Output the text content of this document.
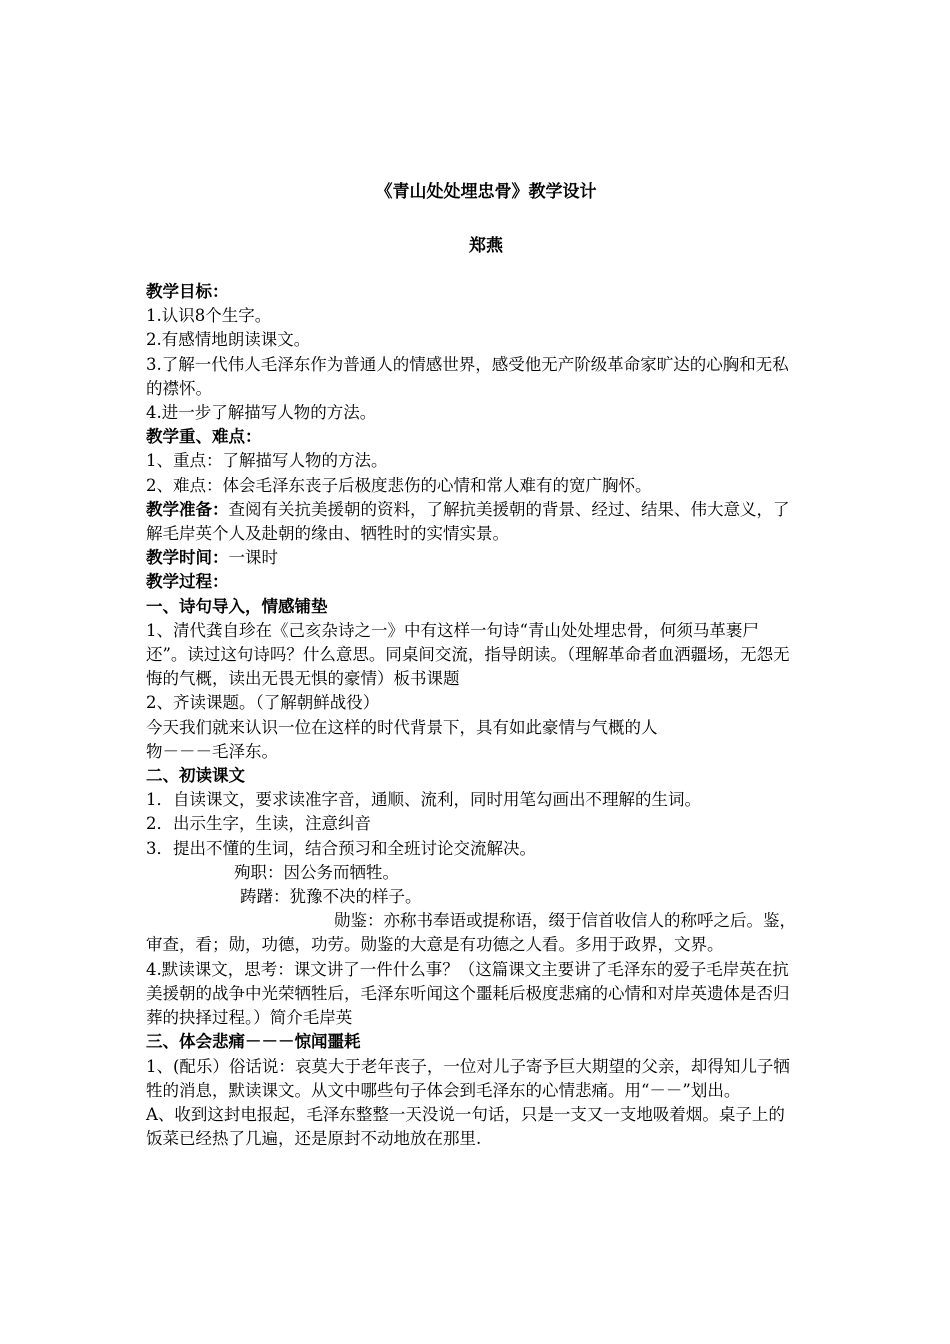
《青山处处埋忠骨》教学设计
郑燕
教学目标：

1.认识8个生字。

2.有感情地朗读课文。

3.了解一代伟人毛泽东作为普通人的情感世界，感受他无产阶级革命家旷达的心胸和无私的襟怀。

4.进一步了解描写人物的方法。

教学重、难点：

1、重点：了解描写人物的方法。

2、难点：体会毛泽东丧子后极度悲伤的心情和常人难有的宽广胸怀。

教学准备：查阅有关抗美援朝的资料，了解抗美援朝的背景、经过、结果、伟大意义，了解毛岸英个人及赴朝的缘由、牺牲时的实情实景。

教学时间：一课时

教学过程：
一、诗句导入，情感铺垫

1、清代龚自珍在《己亥杂诗之一》中有这样一句诗“青山处处埋忠骨，何须马革裹尸还”。读过这句诗吗？什么意思。同桌间交流，指导朗读。（理解革命者血洒疆场，无怨无悔的气概，读出无畏无惧的豪情）板书课题

2、齐读课题。（了解朝鲜战役）

今天我们就来认识一位在这样的时代背景下，具有如此豪情与气概的人

物－－－毛泽东。

二、初读课文

1．自读课文，要求读准字音，通顺、流利，同时用笔勾画出不理解的生词。

2．出示生字，生读，注意纠音

3．提出不懂的生词，结合预习和全班讨论交流解决。

殉职：因公务而牺牲。

踌躇：犹豫不决的样子。

勋鉴：亦称书奉语或提称语，缀于信首收信人的称呼之后。鉴，审查，看；勋，功德，功劳。勋鉴的大意是有功德之人看。多用于政界，文界。

4.默读课文，思考：课文讲了一件什么事？（这篇课文主要讲了毛泽东的爱子毛岸英在抗美援朝的战争中光荣牺牲后，毛泽东听闻这个噩耗后极度悲痛的心情和对岸英遗体是否归葬的抉择过程。）简介毛岸英

三、体会悲痛－－－惊闻噩耗

1、(配乐）俗话说：哀莫大于老年丧子，一位对儿子寄予巨大期望的父亲，却得知儿子牺牲的消息，默读课文。从文中哪些句子体会到毛泽东的心情悲痛。用“－－”划出。

A、收到这封电报起，毛泽东整整一天没说一句话，只是一支又一支地吸着烟。桌子上的饭菜已经热了几遍，还是原封不动地放在那里.
